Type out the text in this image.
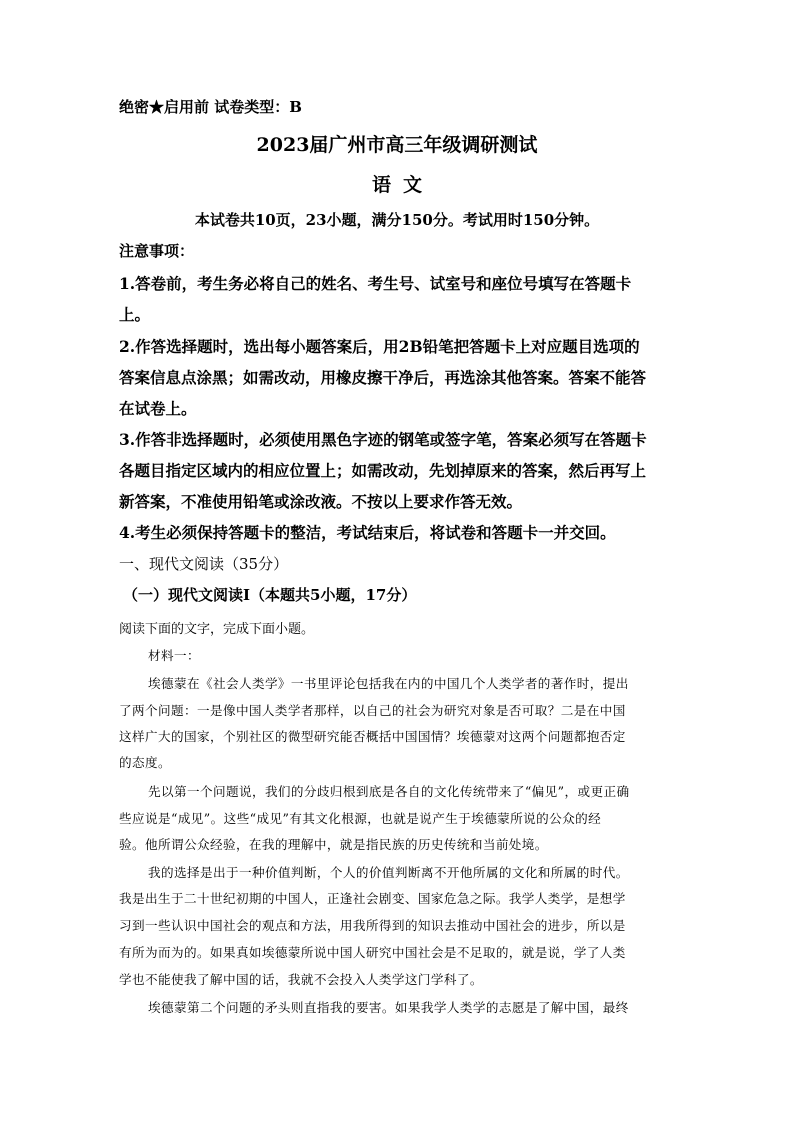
绝密★启用前 试卷类型：B
2023届广州市高三年级调研测试
语文
本试卷共10页，23小题，满分150分。考试用时150分钟。
注意事项：
1.答卷前，考生务必将自己的姓名、考生号、试室号和座位号填写在答题卡
上。
2.作答选择题时，选出每小题答案后，用2B铅笔把答题卡上对应题目选项的
答案信息点涂黑；如需改动，用橡皮擦干净后，再选涂其他答案。答案不能答
在试卷上。
3.作答非选择题时，必须使用黑色字迹的钢笔或签字笔，答案必须写在答题卡
各题目指定区域内的相应位置上；如需改动，先划掉原来的答案，然后再写上
新答案，不准使用铅笔或涂改液。不按以上要求作答无效。
4.考生必须保持答题卡的整洁，考试结束后，将试卷和答题卡一并交回。
一、现代文阅读（35分）
（一）现代文阅读Ⅰ（本题共5小题，17分）
阅读下面的文字，完成下面小题。
材料一：
埃德蒙在《社会人类学》一书里评论包括我在内的中国几个人类学者的著作时，提出
了两个问题：一是像中国人类学者那样，以自己的社会为研究对象是否可取？二是在中国
这样广大的国家，个别社区的微型研究能否概括中国国情？埃德蒙对这两个问题都抱否定
的态度。
先以第一个问题说，我们的分歧归根到底是各自的文化传统带来了“偏见”，或更正确
些应说是“成见”。这些“成见”有其文化根源，也就是说产生于埃德蒙所说的公众的经
验。他所谓公众经验，在我的理解中，就是指民族的历史传统和当前处境。
我的选择是出于一种价值判断，个人的价值判断离不开他所属的文化和所属的时代。
我是出生于二十世纪初期的中国人，正逢社会剧变、国家危急之际。我学人类学，是想学
习到一些认识中国社会的观点和方法，用我所得到的知识去推动中国社会的进步，所以是
有所为而为的。如果真如埃德蒙所说中国人研究中国社会是不足取的，就是说，学了人类
学也不能使我了解中国的话，我就不会投入人类学这门学科了。
埃德蒙第二个问题的矛头则直指我的要害。如果我学人类学的志愿是了解中国，最终
